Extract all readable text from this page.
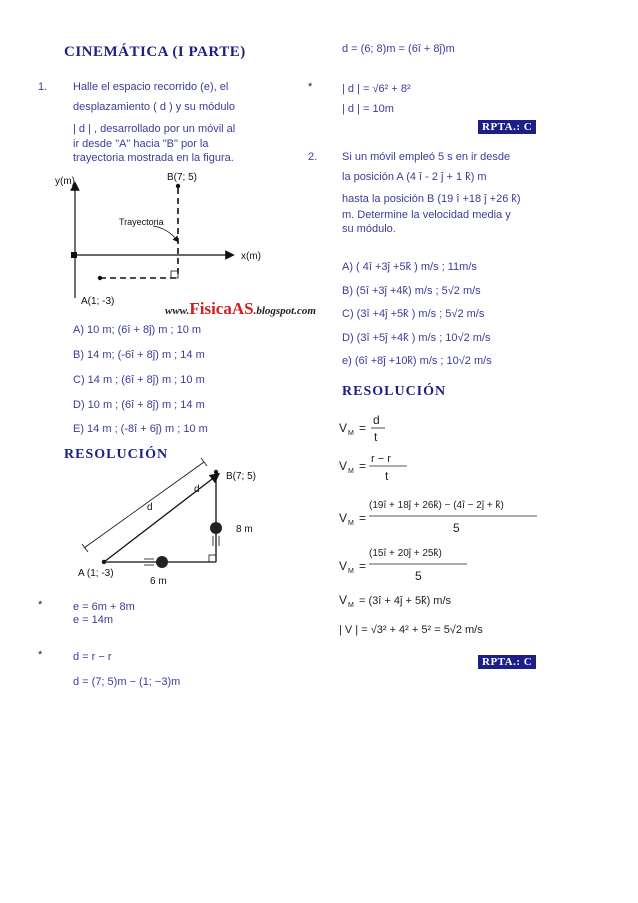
CINEMÁTICA (I PARTE)
1. Halle el espacio recorrido (e), el
desplazamiento ( d ) y su módulo
| d | , desarrollado por un móvil al
ir desde "A" hacia "B" por la
trayectoria mostrada en la figura.
y(m)	B(7; 5)
Trayectoria
x(m)
A(1; -3)
www.FisicaAS.blogspot.com
A) 10 m; (6î + 8ĵ) m ; 10 m
B) 14 m; (-6î + 8ĵ) m ; 14 m
C) 14 m ; (6î + 8ĵ) m ; 10 m
D) 10 m ; (6î + 8ĵ) m ; 14 m
E) 14 m ; (-8î + 6ĵ) m ; 10 m
RESOLUCIÓN
B(7; 5)
A (1; -3)
d
d
8 m
6 m
*	e = 6m + 8m
e = 14m
*	d = r − r
d = (7; 5)m − (1; −3)m
d = (6; 8)m = (6î + 8ĵ)m
*	| d | = √6² + 8²
| d | = 10m
RPTA.: C
2. Si un móvil empleó 5 s en ir desde
la posición A (4 î - 2 ĵ + 1 k̂) m
hasta la posición B (19 î +18 ĵ +26 k̂)
m. Determine la velocidad media y
su módulo.
A) ( 4î +3ĵ +5k̂ ) m/s ; 11m/s
B) (5î +3ĵ +4k̂) m/s ; 5√2 m/s
C) (3î +4ĵ +5k̂ ) m/s ; 5√2 m/s
D) (3î +5ĵ +4k̂ ) m/s ; 10√2 m/s
e) (6î +8ĵ +10k̂) m/s ; 10√2 m/s
RESOLUCIÓN
V M =
d
t
V M = r − r
t
V M =
(19î + 18ĵ + 26k̂) − (4î − 2ĵ + k̂)
5
V M =
(15î + 20ĵ + 25k̂)
5
V M = (3î + 4ĵ + 5k̂) m/s
| V | = √3² + 4² + 5² = 5√2 m/s
RPTA.: C
